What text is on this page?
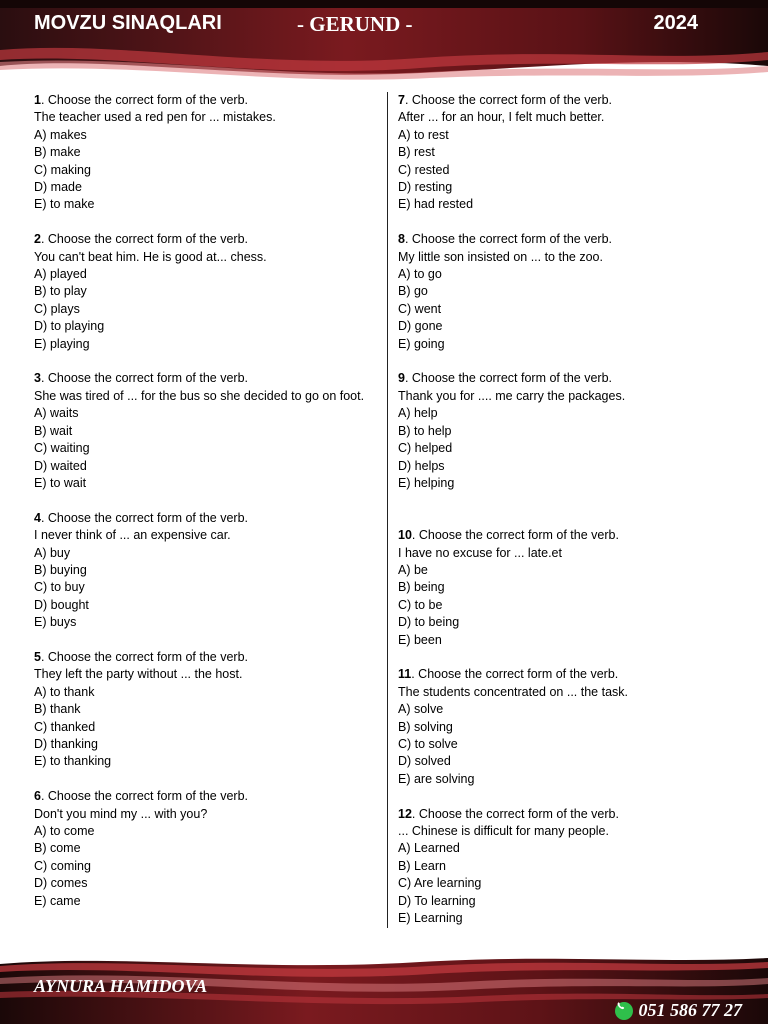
MOVZU SINAQLARI	- GERUND -	2024
1. Choose the correct form of the verb.
The teacher used a red pen for ... mistakes.
A) makes
B) make
C) making
D) made
E) to make
2. Choose the correct form of the verb.
You can't beat him. He is good at... chess.
A) played
B) to play
C) plays
D) to playing
E) playing
3. Choose the correct form of the verb.
She was tired of ... for the bus so she decided to go on foot.
A) waits
B) wait
C) waiting
D) waited
E) to wait
4. Choose the correct form of the verb.
I never think of ... an expensive car.
A) buy
B) buying
C) to buy
D) bought
E) buys
5. Choose the correct form of the verb.
They left the party without ... the host.
A) to thank
B) thank
C) thanked
D) thanking
E) to thanking
6. Choose the correct form of the verb.
Don't you mind my ... with you?
A) to come
B) come
C) coming
D) comes
E) came
7. Choose the correct form of the verb.
After ... for an hour, I felt much better.
A) to rest
B) rest
C) rested
D) resting
E) had rested
8. Choose the correct form of the verb.
My little son insisted on ... to the zoo.
A) to go
B) go
C) went
D) gone
E) going
9. Choose the correct form of the verb.
Thank you for .... me carry the packages.
A) help
B) to help
C) helped
D) helps
E) helping
10. Choose the correct form of the verb.
I have no excuse for ... late.et
A) be
B) being
C) to be
D) to being
E) been
11. Choose the correct form of the verb.
The students concentrated on ... the task.
A) solve
B) solving
C) to solve
D) solved
E) are solving
12. Choose the correct form of the verb.
... Chinese is difficult for many people.
A) Learned
B) Learn
C) Are learning
D) To learning
E) Learning
AYNURA HAMIDOVA
051 586 77 27
